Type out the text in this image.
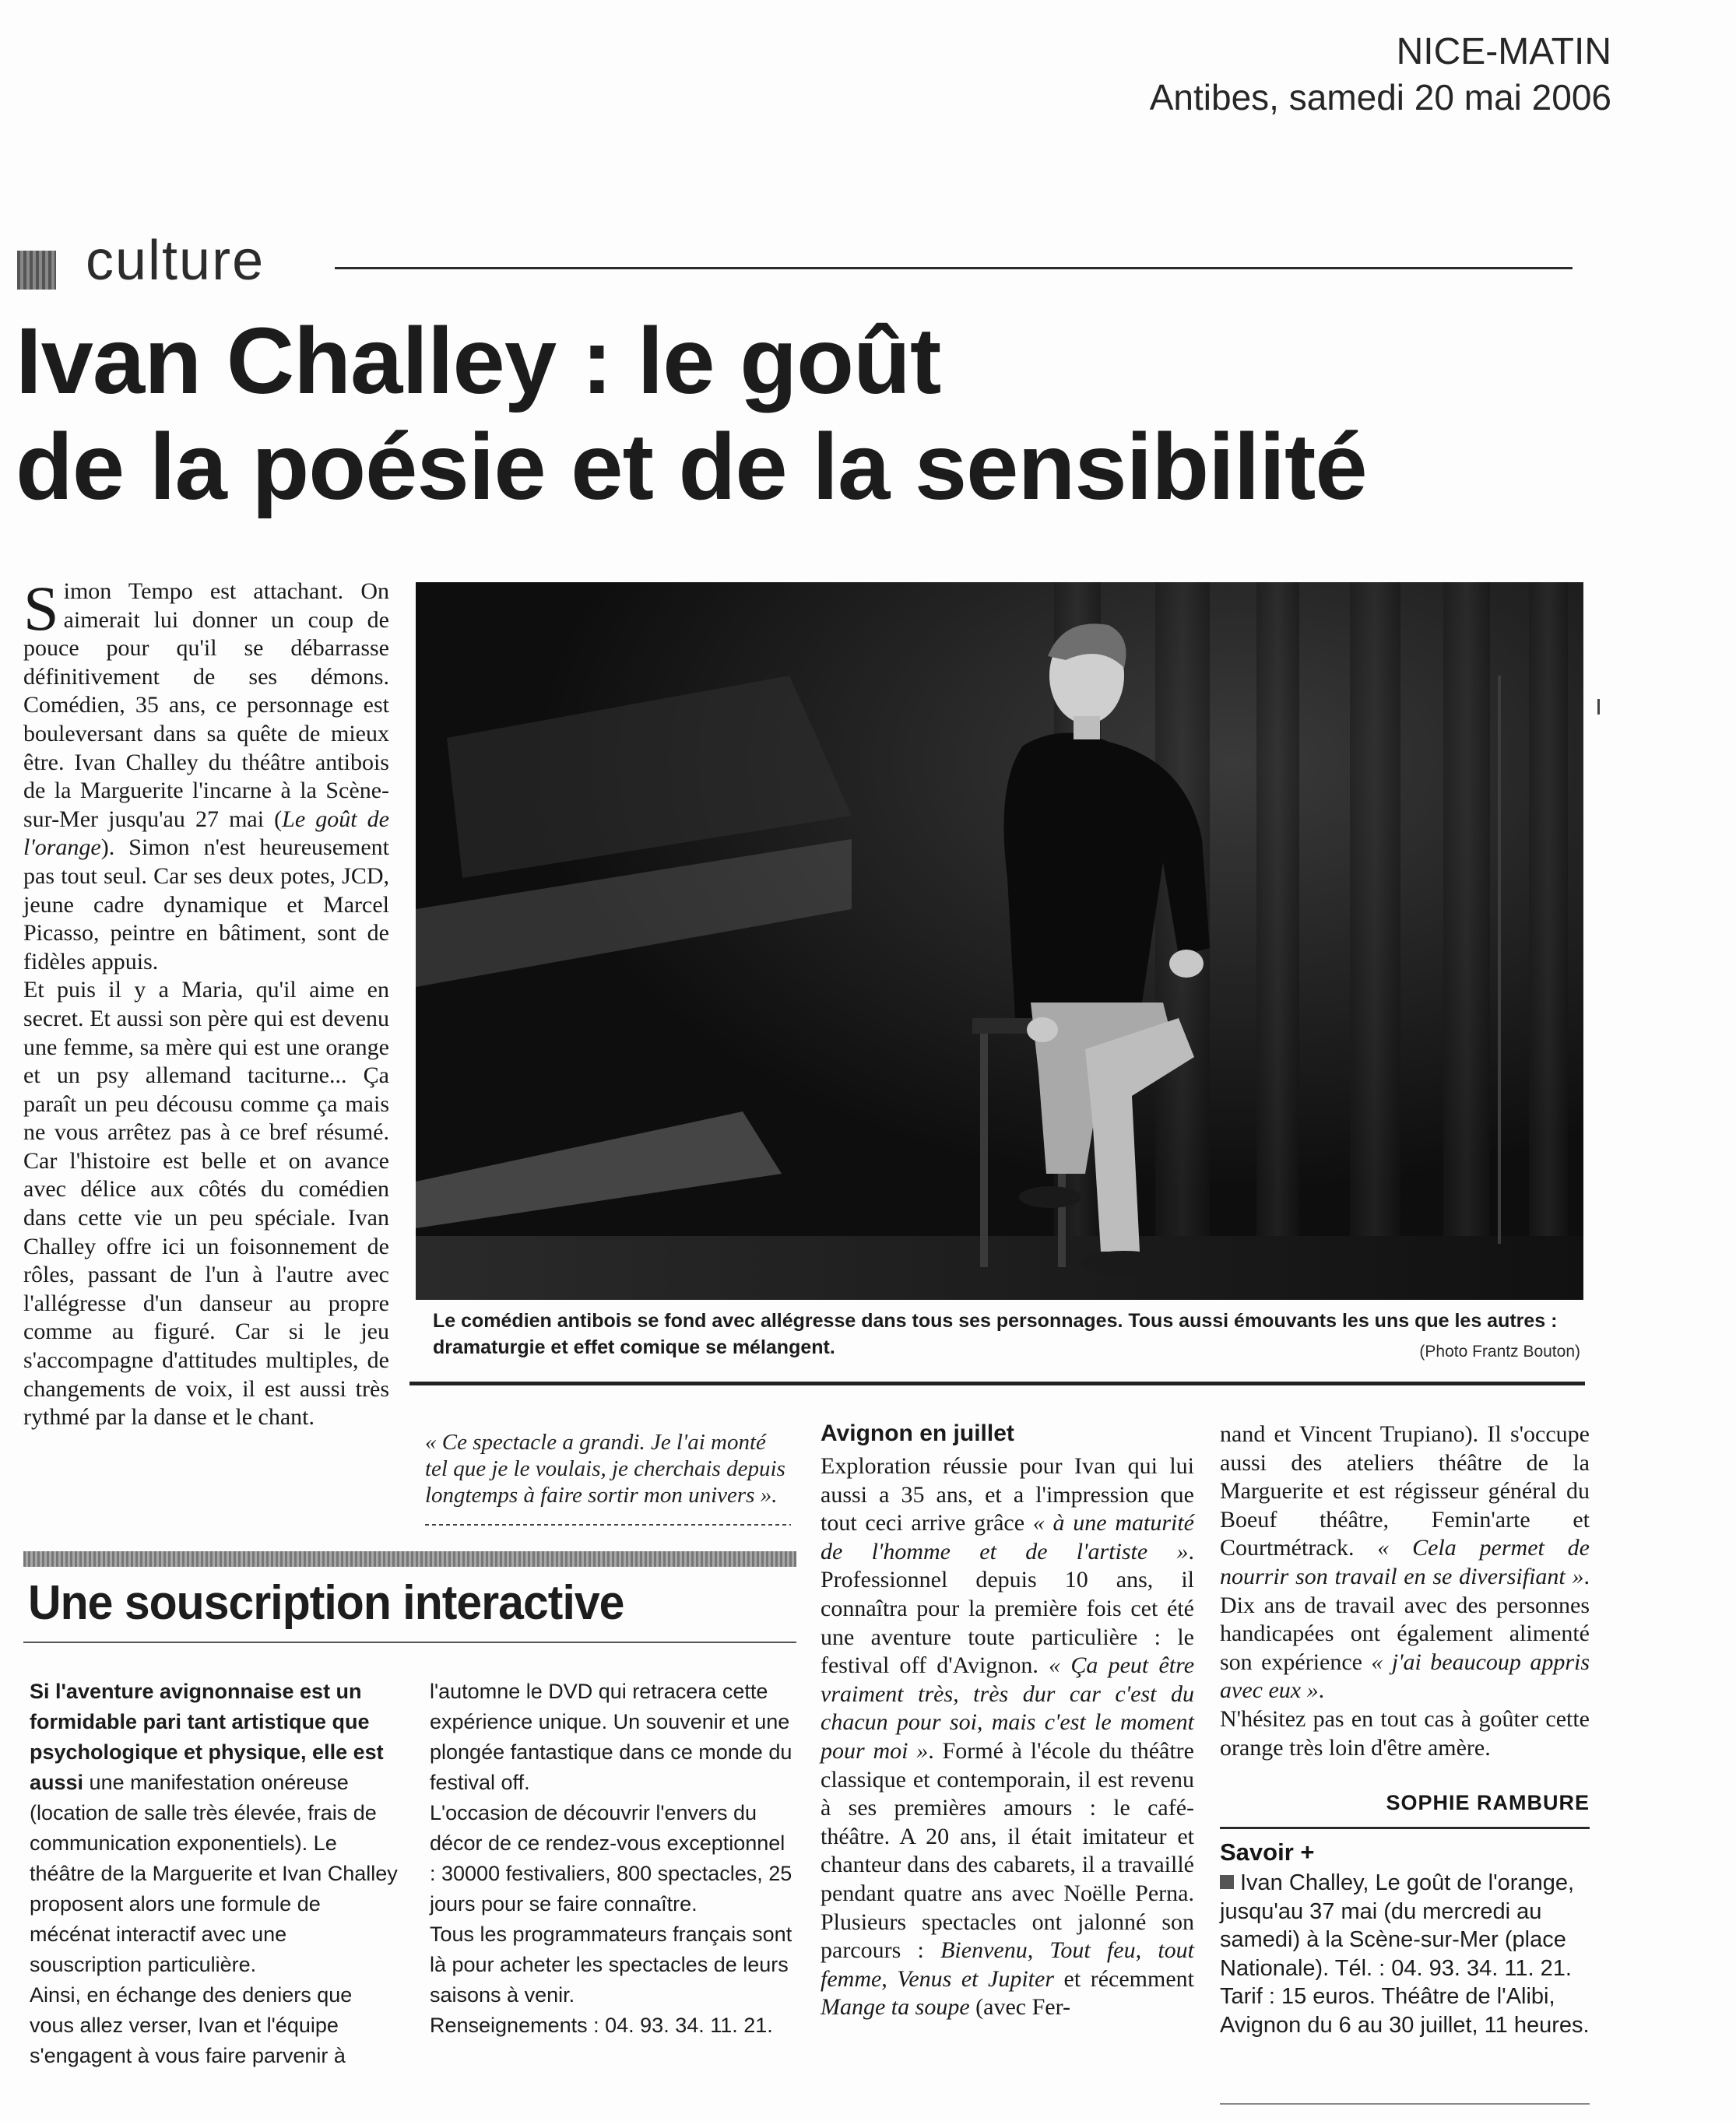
NICE-MATIN
Antibes, samedi 20 mai 2006
culture
Ivan Challey : le goût
de la poésie et de la sensibilité

Simon Tempo est attachant. On aimerait lui donner un coup de pouce pour qu'il se débarrasse définitivement de ses démons. Comédien, 35 ans, ce personnage est bouleversant dans sa quête de mieux être. Ivan Challey du théâtre antibois de la Marguerite l'incarne à la Scène-sur-Mer jusqu'au 27 mai (Le goût de l'orange). Simon n'est heureusement pas tout seul. Car ses deux potes, JCD, jeune cadre dynamique et Marcel Picasso, peintre en bâtiment, sont de fidèles appuis.

Et puis il y a Maria, qu'il aime en secret. Et aussi son père qui est devenu une femme, sa mère qui est une orange et un psy allemand taciturne... Ça paraît un peu décousu comme ça mais ne vous arrêtez pas à ce bref résumé. Car l'histoire est belle et on avance avec délice aux côtés du comédien dans cette vie un peu spéciale. Ivan Challey offre ici un foisonnement de rôles, passant de l'un à l'autre avec l'allégresse d'un danseur au propre comme au figuré. Car si le jeu s'accompagne d'attitudes multiples, de changements de voix, il est aussi très rythmé par la danse et le chant.

Le comédien antibois se fond avec allégresse dans tous ses personnages. Tous aussi émouvants les uns que les autres : dramaturgie et effet comique se mélangent.	(Photo Frantz Bouton)
« Ce spectacle a grandi. Je l'ai monté tel que je le voulais, je cherchais depuis longtemps à faire sortir mon univers ».
Avignon en juillet

Exploration réussie pour Ivan qui lui aussi a 35 ans, et a l'impression que tout ceci arrive grâce « à une maturité de l'homme et de l'artiste ». Professionnel depuis 10 ans, il connaîtra pour la première fois cet été une aventure toute particulière : le festival off d'Avignon. « Ça peut être vraiment très, très dur car c'est du chacun pour soi, mais c'est le moment pour moi ». Formé à l'école du théâtre classique et contemporain, il est revenu à ses premières amours : le café-théâtre. A 20 ans, il était imitateur et chanteur dans des cabarets, il a travaillé pendant quatre ans avec Noëlle Perna. Plusieurs spectacles ont jalonné son parcours : Bienvenu, Tout feu, tout femme, Venus et Jupiter et récemment Mange ta soupe (avec Fer-

nand et Vincent Trupiano). Il s'occupe aussi des ateliers théâtre de la Marguerite et est régisseur général du Boeuf théâtre, Femin'arte et Courtmétrack. « Cela permet de nourrir son travail en se diversifiant ». Dix ans de travail avec des personnes handicapées ont également alimenté son expérience « j'ai beaucoup appris avec eux ».

N'hésitez pas en tout cas à goûter cette orange très loin d'être amère.

SOPHIE RAMBURE
Savoir +

Ivan Challey, Le goût de l'orange, jusqu'au 37 mai (du mercredi au samedi) à la Scène-sur-Mer (place Nationale). Tél. : 04. 93. 34. 11. 21.

Tarif : 15 euros. Théâtre de l'Alibi, Avignon du 6 au 30 juillet, 11 heures.

Une souscription interactive

Si l'aventure avignonnaise est un formidable pari tant artistique que psychologique et physique, elle est aussi une manifestation onéreuse (location de salle très élevée, frais de communication exponentiels). Le théâtre de la Marguerite et Ivan Challey proposent alors une formule de mécénat interactif avec une souscription particulière.

Ainsi, en échange des deniers que vous allez verser, Ivan et l'équipe s'engagent à vous faire parvenir à

l'automne le DVD qui retracera cette expérience unique. Un souvenir et une plongée fantastique dans ce monde du festival off.

L'occasion de découvrir l'envers du décor de ce rendez-vous exceptionnel : 30000 festivaliers, 800 spectacles, 25 jours pour se faire connaître.

Tous les programmateurs français sont là pour acheter les spectacles de leurs saisons à venir.

Renseignements : 04. 93. 34. 11. 21.
